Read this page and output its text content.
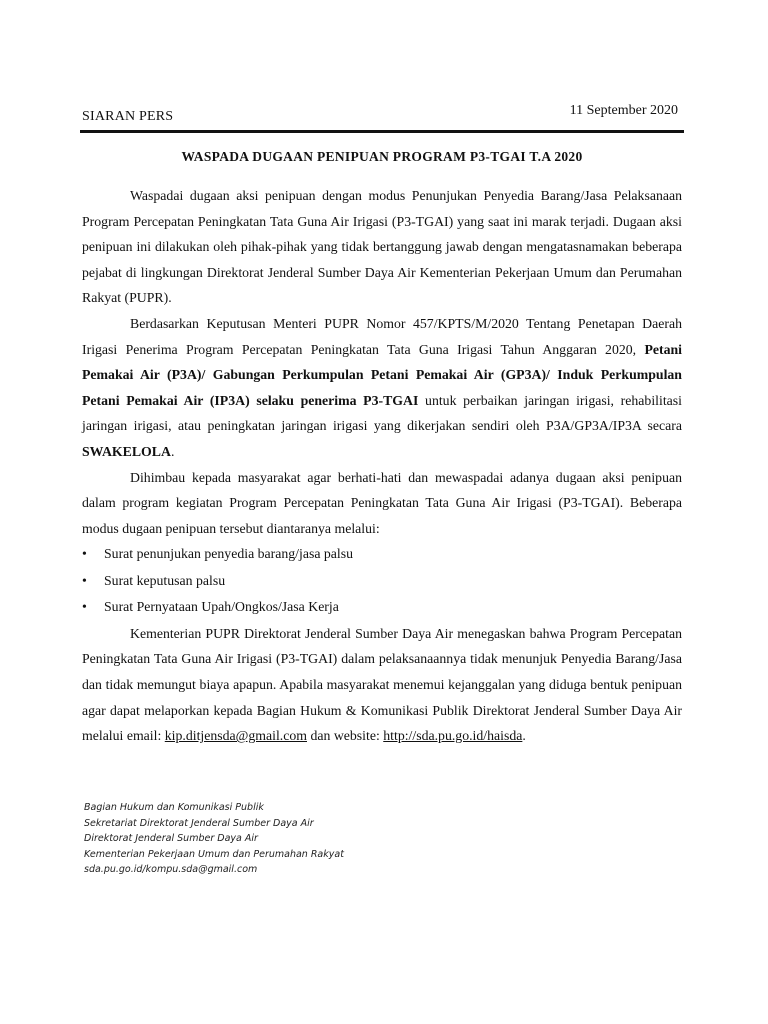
SIARAN PERS	11 September 2020
WASPADA DUGAAN PENIPUAN PROGRAM P3-TGAI T.A 2020

Waspadai dugaan aksi penipuan dengan modus Penunjukan Penyedia Barang/Jasa Pelaksanaan Program Percepatan Peningkatan Tata Guna Air Irigasi (P3-TGAI) yang saat ini marak terjadi. Dugaan aksi penipuan ini dilakukan oleh pihak-pihak yang tidak bertanggung jawab dengan mengatasnamakan beberapa pejabat di lingkungan Direktorat Jenderal Sumber Daya Air Kementerian Pekerjaan Umum dan Perumahan Rakyat (PUPR).

Berdasarkan Keputusan Menteri PUPR Nomor 457/KPTS/M/2020 Tentang Penetapan Daerah Irigasi Penerima Program Percepatan Peningkatan Tata Guna Irigasi Tahun Anggaran 2020, Petani Pemakai Air (P3A)/ Gabungan Perkumpulan Petani Pemakai Air (GP3A)/ Induk Perkumpulan Petani Pemakai Air (IP3A) selaku penerima P3-TGAI untuk perbaikan jaringan irigasi, rehabilitasi jaringan irigasi, atau peningkatan jaringan irigasi yang dikerjakan sendiri oleh P3A/GP3A/IP3A secara SWAKELOLA.

Dihimbau kepada masyarakat agar berhati-hati dan mewaspadai adanya dugaan aksi penipuan dalam program kegiatan Program Percepatan Peningkatan Tata Guna Air Irigasi (P3-TGAI). Beberapa modus dugaan penipuan tersebut diantaranya melalui:

• Surat penunjukan penyedia barang/jasa palsu
• Surat keputusan palsu
• Surat Pernyataan Upah/Ongkos/Jasa Kerja

Kementerian PUPR Direktorat Jenderal Sumber Daya Air menegaskan bahwa Program Percepatan Peningkatan Tata Guna Air Irigasi (P3-TGAI) dalam pelaksanaannya tidak menunjuk Penyedia Barang/Jasa dan tidak memungut biaya apapun. Apabila masyarakat menemui kejanggalan yang diduga bentuk penipuan agar dapat melaporkan kepada Bagian Hukum & Komunikasi Publik Direktorat Jenderal Sumber Daya Air melalui email: kip.ditjensda@gmail.com dan website: http://sda.pu.go.id/haisda.

Bagian Hukum dan Komunikasi Publik
Sekretariat Direktorat Jenderal Sumber Daya Air
Direktorat Jenderal Sumber Daya Air
Kementerian Pekerjaan Umum dan Perumahan Rakyat
sda.pu.go.id/kompu.sda@gmail.com
